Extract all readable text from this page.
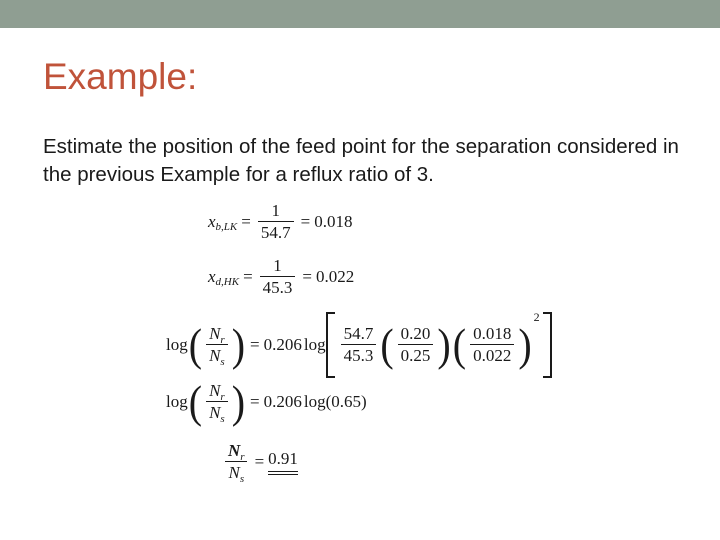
Example:
Estimate the position of the feed point for the separation considered in the previous Example for a reflux ratio of 3.
x $b,LK = \frac{1}{54.7} = 0.018$
x $d,HK = \frac{1}{45.3} = 0.022$
log ( $\frac{N_r}{N_s}$ ) = 0.206 $\log \frac{54.7}{45.3}$ ( $\frac{0.20}{0.25}$ ) ( $\frac{0.018}{0.022}$ )
2
log ( $\frac{N_r}{N_s}$ ) = 0.206 log (0.65)
$\frac{N_r}{N_s} = 0.91$
